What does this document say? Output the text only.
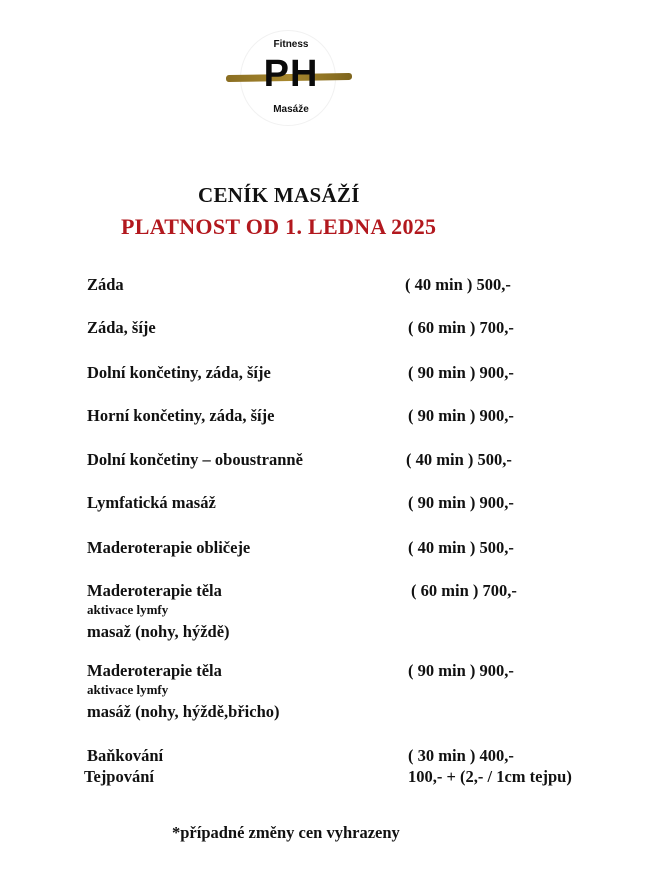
Fitness
PH
Masáže
CENÍK MASÁŽÍ
PLATNOST OD 1. LEDNA 2025
Záda	( 40 min ) 500,-
Záda, šíje	( 60 min ) 700,-
Dolní končetiny, záda, šíje	( 90 min ) 900,-
Horní končetiny, záda, šíje	( 90 min ) 900,-
Dolní končetiny – oboustranně	( 40 min ) 500,-
Lymfatická masáž	( 90 min ) 900,-
Maderoterapie obličeje	( 40 min ) 500,-
Maderoterapie těla	( 60 min ) 700,-
aktivace lymfy
masaž (nohy, hýždě)
Maderoterapie těla	( 90 min ) 900,-
aktivace lymfy
masáž (nohy, hýždě,břicho)
Baňkování	( 30 min ) 400,-
Tejpování	100,- + (2,- / 1cm tejpu)
*případné změny cen vyhrazeny
